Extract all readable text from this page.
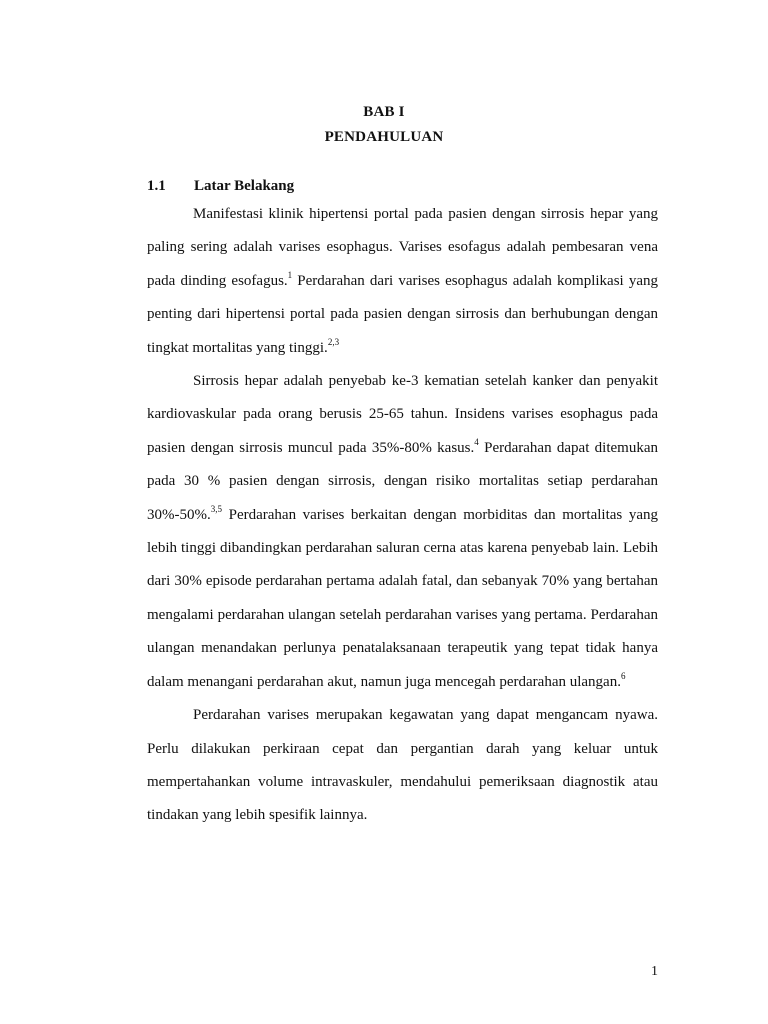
BAB I
PENDAHULUAN
1.1 Latar Belakang

Manifestasi klinik hipertensi portal pada pasien dengan sirrosis hepar yang paling sering adalah varises esophagus. Varises esofagus adalah pembesaran vena pada dinding esofagus.$^1$ Perdarahan dari varises esophagus adalah komplikasi yang penting dari hipertensi portal pada pasien dengan sirrosis dan berhubungan dengan tingkat mortalitas yang tinggi.$^{2,3}$

Sirrosis hepar adalah penyebab ke-3 kematian setelah kanker dan penyakit kardiovaskular pada orang berusis 25-65 tahun. Insidens varises esophagus pada pasien dengan sirrosis muncul pada 35%-80% kasus.$^4$ Perdarahan dapat ditemukan pada 30 % pasien dengan sirrosis, dengan risiko mortalitas setiap perdarahan 30%-50%.$^{3,5}$ Perdarahan varises berkaitan dengan morbiditas dan mortalitas yang lebih tinggi dibandingkan perdarahan saluran cerna atas karena penyebab lain. Lebih dari 30% episode perdarahan pertama adalah fatal, dan sebanyak 70% yang bertahan mengalami perdarahan ulangan setelah perdarahan varises yang pertama. Perdarahan ulangan menandakan perlunya penatalaksanaan terapeutik yang tepat tidak hanya dalam menangani perdarahan akut, namun juga mencegah perdarahan ulangan.$^6$

Perdarahan varises merupakan kegawatan yang dapat mengancam nyawa. Perlu dilakukan perkiraan cepat dan pergantian darah yang keluar untuk mempertahankan volume intravaskuler, mendahului pemeriksaan diagnostik atau tindakan yang lebih spesifik lainnya.

1
